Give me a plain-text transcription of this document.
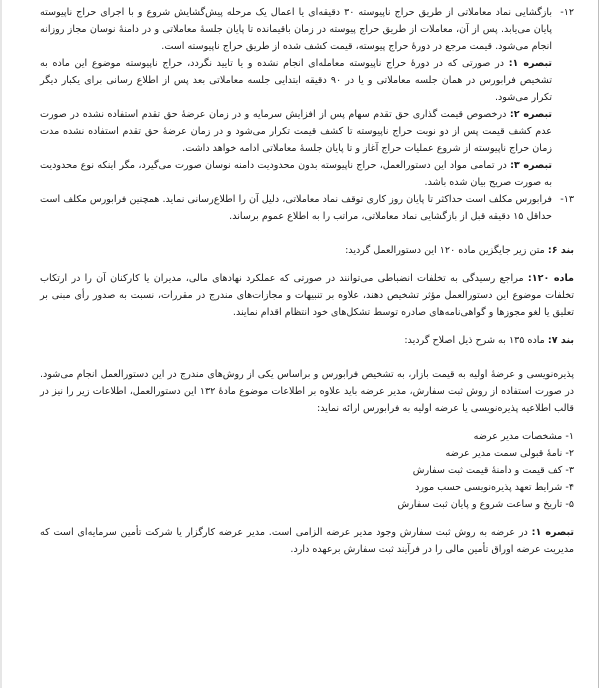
۱۲-
بازگشایی نماد معاملاتی از طریق حراج ناپیوسته ۳۰ دقیقه‌ای یا اعمال یک مرحله پیش‌گشایش شروع و با اجرای حراج ناپیوسته پایان می‌یابد. پس از آن، معاملات از طریق حراج پیوسته در زمان باقیمانده تا پایان جلسهٔ معاملاتی و در دامنهٔ نوسان مجاز روزانه انجام می‌شود. قیمت مرجع در دورهٔ حراج پیوسته، قیمت کشف شده از طریق حراج ناپیوسته است.

تبصره ۱: در صورتی که در دورهٔ حراج ناپیوسته معامله‌ای انجام نشده و یا تایید نگردد، حراج ناپیوسته موضوع این ماده به تشخیص فرابورس در همان جلسه معاملاتی و یا در ۹۰ دقیقه ابتدایی جلسه معاملاتی بعد پس از اطلاع رسانی برای یکبار دیگر تکرار می‌شود.

تبصره ۲: درخصوص قیمت گذاری حق تقدم سهام پس از افزایش سرمایه و در زمان عرضهٔ حق تقدم استفاده نشده در صورت عدم کشف قیمت پس از دو نوبت حراج ناپیوسته تا کشف قیمت تکرار می‌شود و در زمان عرضهٔ حق تقدم استفاده نشده مدت زمان حراج ناپیوسته از شروع عملیات حراج آغاز و تا پایان جلسهٔ معاملاتی ادامه خواهد داشت.

تبصره ۳: در تمامی مواد این دستورالعمل، حراج ناپیوسته بدون محدودیت دامنه نوسان صورت می‌گیرد، مگر اینکه نوع محدودیت به صورت صریح بیان شده باشد.

۱۳-
فرابورس مکلف است حداکثر تا پایان روز کاری توقف نماد معاملاتی، دلیل آن را اطلاع‌رسانی نماید. همچنین فرابورس مکلف است حداقل ۱۵ دقیقه قبل از بازگشایی نماد معاملاتی، مراتب را به اطلاع عموم برساند.

بند ۶: متن زیر جایگزین ماده ۱۲۰ این دستورالعمل گردید:

ماده ۱۲۰: مراجع رسیدگی به تخلفات انضباطی می‌توانند در صورتی که عملکرد نهادهای مالی، مدیران یا کارکنان آن را در ارتکاب تخلفات موضوع این دستورالعمل مؤثر تشخیص دهند، علاوه بر تنبیهات و مجازات‌های مندرج در مقررات، نسبت به صدور رأی مبنی بر تعلیق یا لغو مجوزها و گواهی‌نامه‌های صادره توسط تشکل‌های خود انتظام اقدام نمایند.

بند ۷: ماده ۱۳۵ به شرح ذیل اصلاح گردید:

پذیره‌نویسی و عرضهٔ اولیه به قیمت بازار، به تشخیص فرابورس و براساس یکی از روش‌های مندرج در این دستورالعمل انجام می‌شود. در صورت استفاده از روش ثبت سفارش، مدیر عرضه باید علاوه بر اطلاعات موضوع مادهٔ ۱۳۲ این دستورالعمل، اطلاعات زیر را نیز در قالب اطلاعیه پذیره‌نویسی یا عرضه اولیه به فرابورس ارائه نماید:

۱- مشخصات مدیر عرضه
۲- نامهٔ قبولی سمت مدیر عرضه
۳- کف قیمت و دامنهٔ قیمت ثبت سفارش
۴- شرایط تعهد پذیره‌نویسی حسب مورد
۵- تاریخ و ساعت شروع و پایان ثبت سفارش

تبصره ۱: در عرضه به روش ثبت سفارش وجود مدیر عرضه الزامی است. مدیر عرضه کارگزار یا شرکت تأمین سرمایه‌ای است که مدیریت عرضه اوراق تأمین مالی را در فرآیند ثبت سفارش برعهده دارد.
